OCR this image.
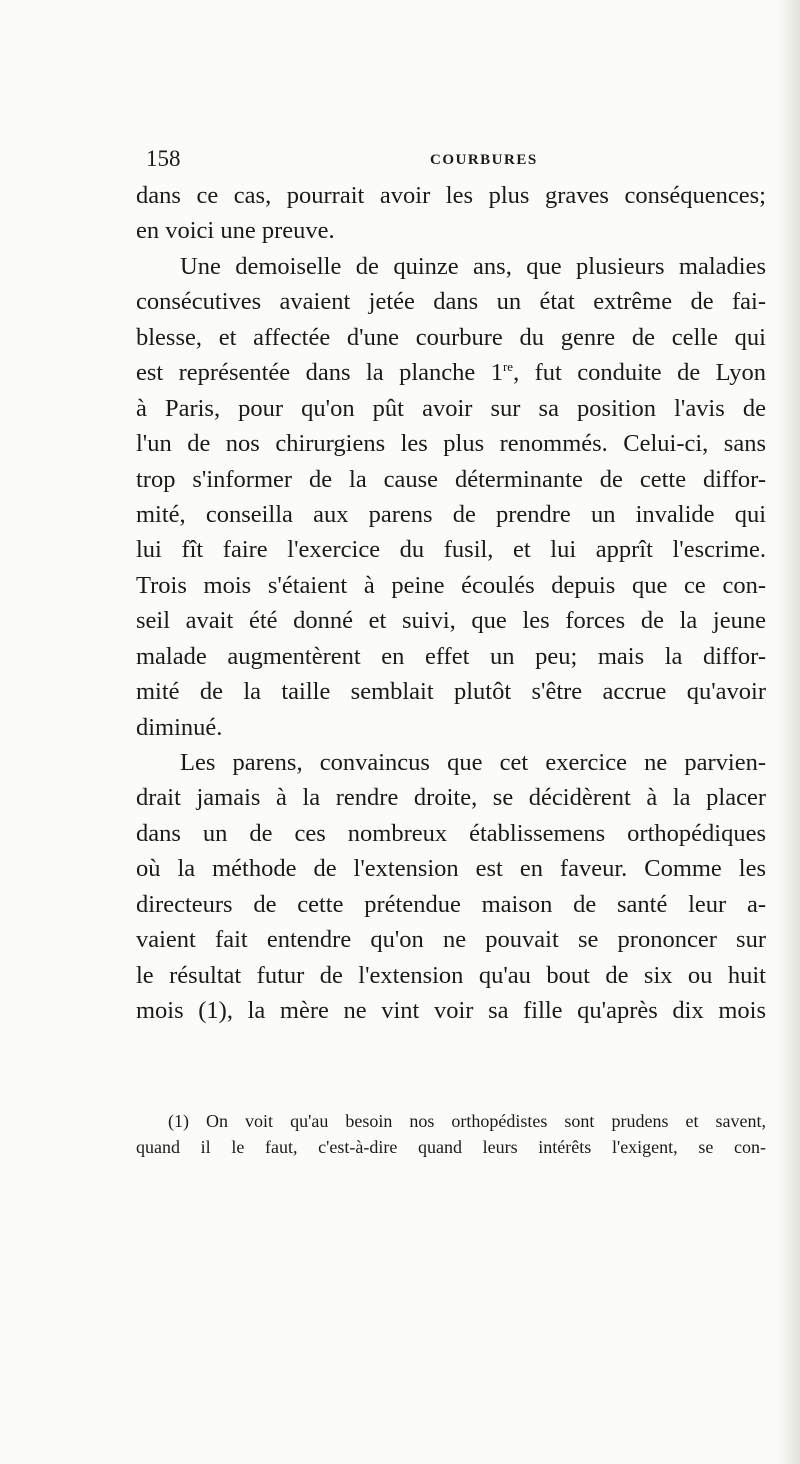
158	COURBURES
dans ce cas, pourrait avoir les plus graves conséquences;
en voici une preuve.
Une demoiselle de quinze ans, que plusieurs maladies
consécutives avaient jetée dans un état extrême de fai-
blesse, et affectée d'une courbure du genre de celle qui
est représentée dans la planche 1re, fut conduite de Lyon
à Paris, pour qu'on pût avoir sur sa position l'avis de
l'un de nos chirurgiens les plus renommés. Celui-ci, sans
trop s'informer de la cause déterminante de cette diffor-
mité, conseilla aux parens de prendre un invalide qui
lui fît faire l'exercice du fusil, et lui apprît l'escrime.
Trois mois s'étaient à peine écoulés depuis que ce con-
seil avait été donné et suivi, que les forces de la jeune
malade augmentèrent en effet un peu; mais la diffor-
mité de la taille semblait plutôt s'être accrue qu'avoir
diminué.
Les parens, convaincus que cet exercice ne parvien-
drait jamais à la rendre droite, se décidèrent à la placer
dans un de ces nombreux établissemens orthopédiques
où la méthode de l'extension est en faveur. Comme les
directeurs de cette prétendue maison de santé leur a-
vaient fait entendre qu'on ne pouvait se prononcer sur
le résultat futur de l'extension qu'au bout de six ou huit
mois (1), la mère ne vint voir sa fille qu'après dix mois
(1) On voit qu'au besoin nos orthopédistes sont prudens et savent,
quand il le faut, c'est-à-dire quand leurs intérêts l'exigent, se con-
